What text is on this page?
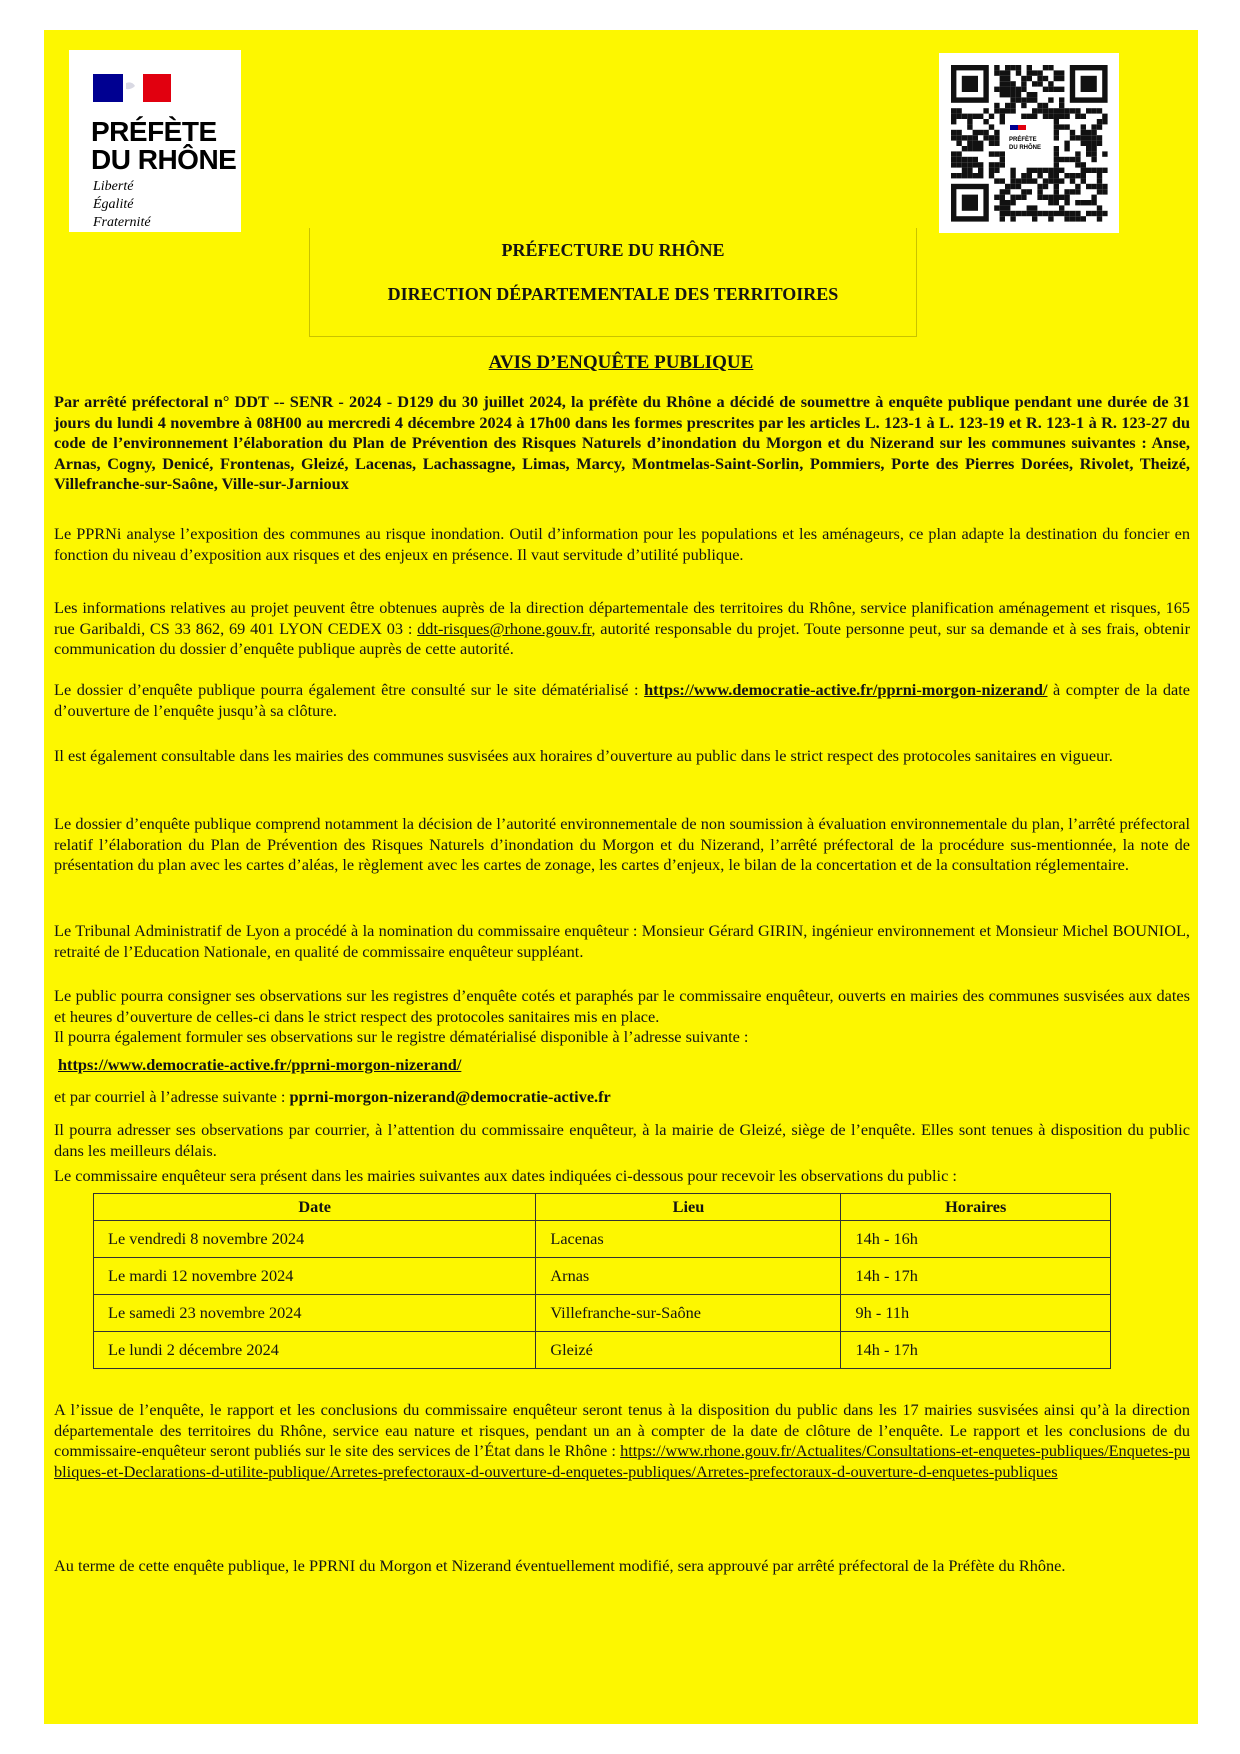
PRÉFÈTE
DU RHÔNE
Liberté
Égalité
Fraternité
PRÉFÈTE
DU RHÔNE
PRÉFECTURE DU RHÔNE
DIRECTION DÉPARTEMENTALE DES TERRITOIRES
AVIS D’ENQUÊTE PUBLIQUE

Par arrêté préfectoral n° DDT -- SENR - 2024 - D129 du 30 juillet 2024, la préfète du Rhône a décidé de soumettre à enquête publique pendant une durée de 31 jours du lundi 4 novembre à 08H00 au mercredi 4 décembre 2024 à 17h00 dans les formes prescrites par les articles L. 123-1 à L. 123-19 et R. 123-1 à R. 123-27 du code de l’environnement l’élaboration du Plan de Prévention des Risques Naturels d’inondation du Morgon et du Nizerand sur les communes suivantes : Anse, Arnas, Cogny, Denicé, Frontenas, Gleizé, Lacenas, Lachassagne, Limas, Marcy, Montmelas-Saint-Sorlin, Pommiers, Porte des Pierres Dorées, Rivolet, Theizé, Villefranche-sur-Saône, Ville-sur-Jarnioux

Le PPRNi analyse l’exposition des communes au risque inondation. Outil d’information pour les populations et les aménageurs, ce plan adapte la destination du foncier en fonction du niveau d’exposition aux risques et des enjeux en présence. Il vaut servitude d’utilité publique.

Les informations relatives au projet peuvent être obtenues auprès de la direction départementale des territoires du Rhône, service planification aménagement et risques, 165 rue Garibaldi, CS 33 862, 69 401 LYON CEDEX 03 : ddt-risques@rhone.gouv.fr, autorité responsable du projet. Toute personne peut, sur sa demande et à ses frais, obtenir communication du dossier d’enquête publique auprès de cette autorité.

Le dossier d’enquête publique pourra également être consulté sur le site dématérialisé : https://www.democratie-active.fr/pprni-morgon-nizerand/ à compter de la date d’ouverture de l’enquête jusqu’à sa clôture.

Il est également consultable dans les mairies des communes susvisées aux horaires d’ouverture au public dans le strict respect des protocoles sanitaires en vigueur.

Le dossier d’enquête publique comprend notamment la décision de l’autorité environnementale de non soumission à évaluation environnementale du plan, l’arrêté préfectoral relatif l’élaboration du Plan de Prévention des Risques Naturels d’inondation du Morgon et du Nizerand, l’arrêté préfectoral de la procédure sus-mentionnée, la note de présentation du plan avec les cartes d’aléas, le règlement avec les cartes de zonage, les cartes d’enjeux, le bilan de la concertation et de la consultation réglementaire.

Le Tribunal Administratif de Lyon a procédé à la nomination du commissaire enquêteur : Monsieur Gérard GIRIN, ingénieur environnement et Monsieur Michel BOUNIOL, retraité de l’Education Nationale, en qualité de commissaire enquêteur suppléant.

Le public pourra consigner ses observations sur les registres d’enquête cotés et paraphés par le commissaire enquêteur, ouverts en mairies des communes susvisées aux dates et heures d’ouverture de celles-ci dans le strict respect des protocoles sanitaires mis en place.
Il pourra également formuler ses observations sur le registre dématérialisé disponible à l’adresse suivante :

https://www.democratie-active.fr/pprni-morgon-nizerand/

et par courriel à l’adresse suivante : pprni-morgon-nizerand@democratie-active.fr

Il pourra adresser ses observations par courrier, à l’attention du commissaire enquêteur, à la mairie de Gleizé, siège de l’enquête. Elles sont tenues à disposition du public dans les meilleurs délais.

Le commissaire enquêteur sera présent dans les mairies suivantes aux dates indiquées ci-dessous pour recevoir les observations du public :

Date	Lieu	Horaires
Le vendredi 8 novembre 2024	Lacenas	14h - 16h
Le mardi 12 novembre 2024	Arnas	14h - 17h
Le samedi 23 novembre 2024	Villefranche-sur-Saône	9h - 11h
Le lundi 2 décembre 2024	Gleizé	14h - 17h

A l’issue de l’enquête, le rapport et les conclusions du commissaire enquêteur seront tenus à la disposition du public dans les 17 mairies susvisées ainsi qu’à la direction départementale des territoires du Rhône, service eau nature et risques, pendant un an à compter de la date de clôture de l’enquête. Le rapport et les conclusions de du commissaire-enquêteur seront publiés sur le site des services de l’État dans le Rhône : https://www.rhone.gouv.fr/Actualites/Consultations-et-enquetes-publiques/Enquetes-publiques-et-Declarations-d-utilite-publique/Arretes-prefectoraux-d-ouverture-d-enquetes-publiques/Arretes-prefectoraux-d-ouverture-d-enquetes-publiques

Au terme de cette enquête publique, le PPRNI du Morgon et Nizerand éventuellement modifié, sera approuvé par arrêté préfectoral de la Préfète du Rhône.
